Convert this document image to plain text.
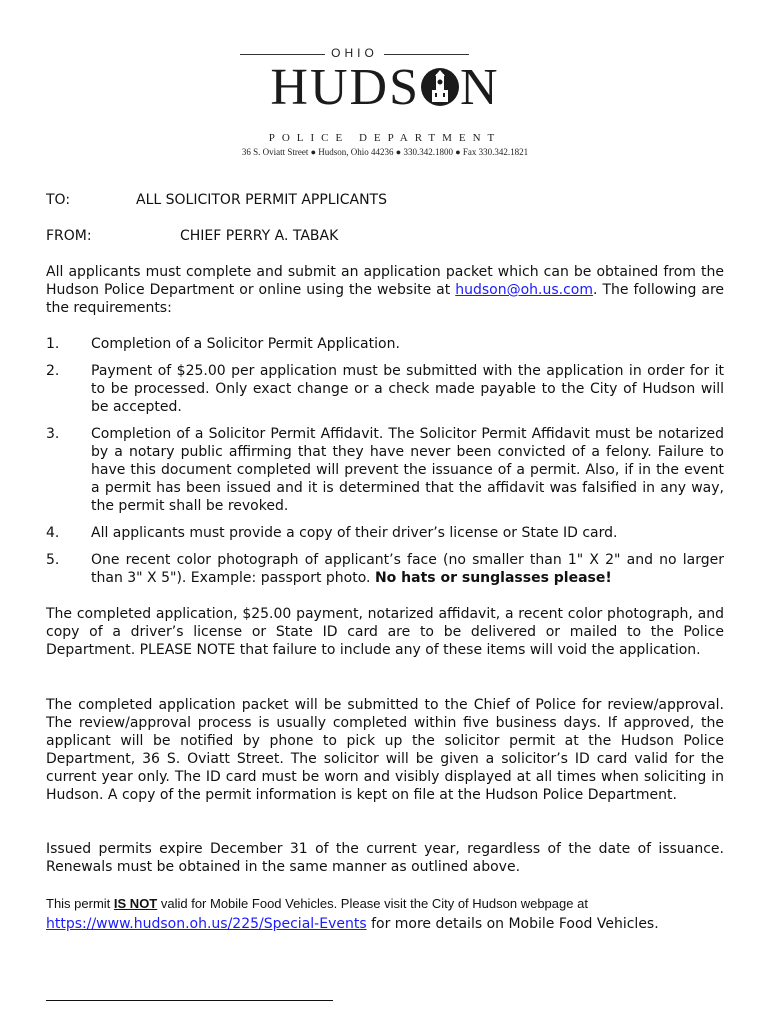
OHIO
HUDS N
POLICE DEPARTMENT
36 S. Oviatt Street ● Hudson, Ohio 44236 ● 330.342.1800 ● Fax 330.342.1821
TO:	ALL SOLICITOR PERMIT APPLICANTS
FROM:	CHIEF PERRY A. TABAK
All applicants must complete and submit an application packet which can be obtained from the Hudson Police Department or online using the website at hudson@oh.us.com. The following are the requirements:
1. Completion of a Solicitor Permit Application.
2. Payment of $25.00 per application must be submitted with the application in order for it to be processed. Only exact change or a check made payable to the City of Hudson will be accepted.
3. Completion of a Solicitor Permit Affidavit. The Solicitor Permit Affidavit must be notarized by a notary public affirming that they have never been convicted of a felony. Failure to have this document completed will prevent the issuance of a permit. Also, if in the event a permit has been issued and it is determined that the affidavit was falsified in any way, the permit shall be revoked.
4. All applicants must provide a copy of their driver’s license or State ID card.
5. One recent color photograph of applicant’s face (no smaller than 1" X 2" and no larger than 3" X 5"). Example: passport photo. No hats or sunglasses please!
The completed application, $25.00 payment, notarized affidavit, a recent color photograph, and copy of a driver’s license or State ID card are to be delivered or mailed to the Police Department. PLEASE NOTE that failure to include any of these items will void the application.
The completed application packet will be submitted to the Chief of Police for review/approval. The review/approval process is usually completed within five business days. If approved, the applicant will be notified by phone to pick up the solicitor permit at the Hudson Police Department, 36 S. Oviatt Street. The solicitor will be given a solicitor’s ID card valid for the current year only. The ID card must be worn and visibly displayed at all times when soliciting in Hudson. A copy of the permit information is kept on file at the Hudson Police Department.
Issued permits expire December 31 of the current year, regardless of the date of issuance. Renewals must be obtained in the same manner as outlined above.
This permit IS NOT valid for Mobile Food Vehicles. Please visit the City of Hudson webpage at
https://www.hudson.oh.us/225/Special-Events for more details on Mobile Food Vehicles.
